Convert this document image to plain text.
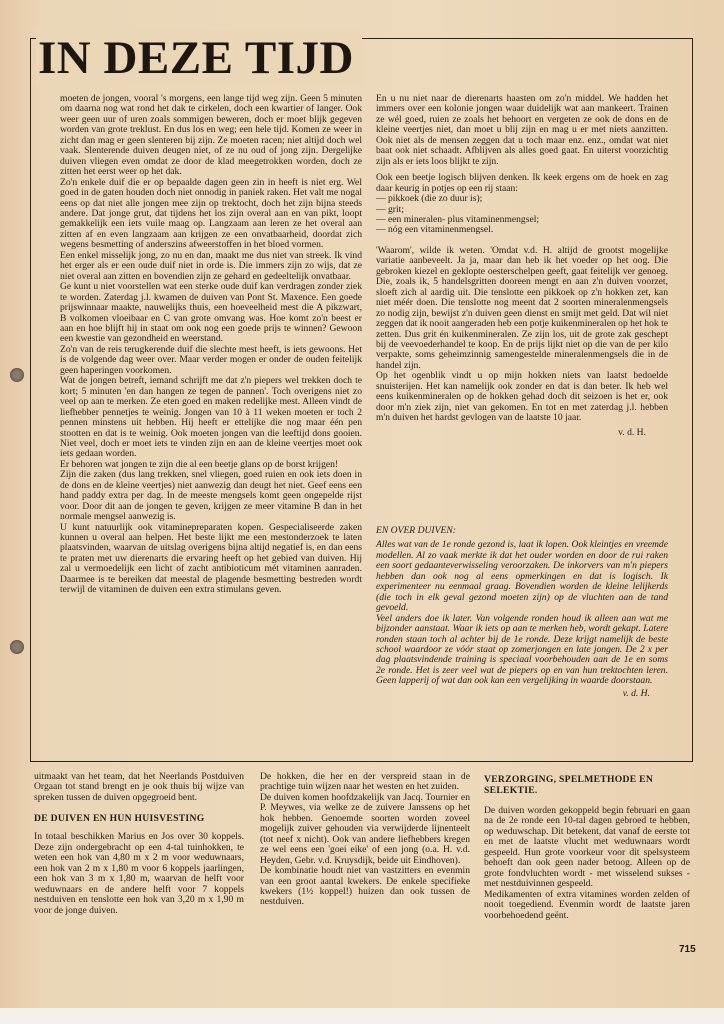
IN DEZE TIJD

moeten de jongen, vooral 's morgens, een lange tijd weg zijn. Geen 5 minuten om daarna nog wat rond het dak te cirkelen, doch een kwartier of langer. Ook weer geen uur of uren zoals sommigen beweren, doch er moet blijk gegeven worden van grote treklust. En dus los en weg; een hele tijd. Komen ze weer in zicht dan mag er geen slenteren bij zijn. Ze moeten racen; niet altijd doch wel vaak. Slenterende duiven deugen niet, of ze nu oud of jong zijn. Dergelijke duiven vliegen even omdat ze door de klad meegetrokken worden, doch ze zitten het eerst weer op het dak.

Zo'n enkele duif die er op bepaalde dagen geen zin in heeft is niet erg. Wel goed in de gaten houden doch niet onnodig in paniek raken. Het valt me nogal eens op dat niet alle jongen mee zijn op trektocht, doch het zijn bijna steeds andere. Dat jonge grut, dat tijdens het los zijn overal aan en van pikt, loopt gemakkelijk een iets vuile maag op. Langzaam aan leren ze het overal aan zitten af en even langzaam aan krijgen ze een onvatbaarheid, doordat zich wegens besmetting of anderszins afweerstoffen in het bloed vormen.

Een enkel misselijk jong, zo nu en dan, maakt me dus niet van streek. Ik vind het erger als er een oude duif niet in orde is. Die immers zijn zo wijs, dat ze niet overal aan zitten en bovendien zijn ze gehard en gedeeltelijk onvatbaar.

Ge kunt u niet voorstellen wat een sterke oude duif kan verdragen zonder ziek te worden. Zaterdag j.l. kwamen de duiven van Pont St. Maxence. Een goede prijswinnaar maakte, nauwelijks thuis, een hoeveelheid mest die A pikzwart, B volkomen vloeibaar en C van grote omvang was. Hoe komt zo'n beest er aan en hoe blijft hij in staat om ook nog een goede prijs te winnen? Gewoon een kwestie van gezondheid en weerstand.

Zo'n van de reis terugkerende duif die slechte mest heeft, is iets gewoons. Het is de volgende dag weer over. Maar verder mogen er onder de ouden feitelijk geen haperingen voorkomen.

Wat de jongen betreft, iemand schrijft me dat z'n piepers wel trekken doch te kort; 5 minuten 'en dan hangen ze tegen de pannen'. Toch overigens niet zo veel op aan te merken. Ze eten goed en maken redelijke mest. Alleen vindt de liefhebber pennetjes te weinig. Jongen van 10 à 11 weken moeten er toch 2 pennen minstens uit hebben. Hij heeft er ettelijke die nog maar één pen stootten en dat is te weinig. Ook moeten jongen van die leeftijd dons gooien. Niet veel, doch er moet iets te vinden zijn en aan de kleine veertjes moet ook iets gedaan worden.

Er behoren wat jongen te zijn die al een beetje glans op de borst krijgen!

Zijn die zaken (dus lang trekken, snel vliegen, goed ruien en ook iets doen in de dons en de kleine veertjes) niet aanwezig dan deugt het niet. Geef eens een hand paddy extra per dag. In de meeste mengsels komt geen ongepelde rijst voor. Door dit aan de jongen te geven, krijgen ze meer vitamine B dan in het normale mengsel aanwezig is.

U kunt natuurlijk ook vitaminepreparaten kopen. Gespecialiseerde zaken kunnen u overal aan helpen. Het beste lijkt me een mestonderzoek te laten plaatsvinden, waarvan de uitslag overigens bijna altijd negatief is, en dan eens te praten met uw dierenarts die ervaring heeft op het gebied van duiven. Hij zal u vermoedelijk een licht of zacht antibioticum mét vitaminen aanraden. Daarmee is te bereiken dat meestal de plagende besmetting bestreden wordt terwijl de vitaminen de duiven een extra stimulans geven.

En u nu niet naar de dierenarts haasten om zo'n middel. We hadden het immers over een kolonie jongen waar duidelijk wat aan mankeert. Trainen ze wél goed, ruien ze zoals het behoort en vergeten ze ook de dons en de kleine veertjes niet, dan moet u blij zijn en mag u er met niets aanzitten. Ook niet als de mensen zeggen dat u toch maar enz. enz., omdat wat niet baat ook niet schaadt. Afblijven als alles goed gaat. En uiterst voorzichtig zijn als er iets loos blijkt te zijn.

Ook een beetje logisch blijven denken. Ik keek ergens om de hoek en zag daar keurig in potjes op een rij staan:

— pikkoek (die zo duur is);
— grit;
— een mineralen- plus vitaminenmengsel;
— nóg een vitaminenmengsel.

'Waarom', wilde ik weten. 'Omdat v.d. H. altijd de grootst mogelijke variatie aanbeveelt. Ja ja, maar dan heb ik het voeder op het oog. Die gebroken kiezel en geklopte oesterschelpen geeft, gaat feitelijk ver genoeg. Die, zoals ik, 5 handelsgritten dooreen mengt en aan z'n duiven voorzet, sloeft zich al aardig uit. Die tenslotte een pikkoek op z'n hokken zet, kan niet méér doen. Die tenslotte nog meent dat 2 soorten mineralenmengsels zo nodig zijn, bewijst z'n duiven geen dienst en smijt met geld. Dat wil niet zeggen dat ik nooit aangeraden heb een potje kuikenmineralen op het hok te zetten. Dus grit én kuikenmineralen. Ze zijn los, uit de grote zak geschept bij de veevoederhandel te koop. En de prijs lijkt niet op die van de per kilo verpakte, soms geheimzinnig samengestelde mineralenmengsels die in de handel zijn.

Op het ogenblik vindt u op mijn hokken niets van laatst bedoelde snuisterijen. Het kan namelijk ook zonder en dat is dan beter. Ik heb wel eens kuikenmineralen op de hokken gehad doch dit seizoen is het er, ook door m'n ziek zijn, niet van gekomen. En tot en met zaterdag j.l. hebben m'n duiven het hardst gevlogen van de laatste 10 jaar.

v. d. H.

EN OVER DUIVEN:

Alles wat van de 1e ronde gezond is, laat ik lopen. Ook kleintjes en vreemde modellen. Al zo vaak merkte ik dat het ouder worden en door de rui raken een soort gedaanteverwisseling veroorzaken. De inkorvers van m'n piepers hebben dan ook nog al eens opmerkingen en dat is logisch. Ik experimenteer nu eenmaal graag. Bovendien worden de kleine lelijkerds (die toch in elk geval gezond moeten zijn) op de vluchten aan de tand gevoeld.

Veel anders doe ik later. Van volgende ronden houd ik alleen aan wat me bijzonder aanstaat. Waar ik iets op aan te merken heb, wordt gekapt. Latere ronden staan toch al achter bij de 1e ronde. Deze krijgt namelijk de beste school waardoor ze vóór staat op zomerjongen en late jongen. De 2 x per dag plaatsvindende training is speciaal voorbehouden aan de 1e en soms 2e ronde. Het is zeer veel wat de piepers op en van hun trektochten leren. Geen lapperij of wat dan ook kan een vergelijking in waarde doorstaan.

v. d. H.

uitmaakt van het team, dat het Neerlands Postduiven Orgaan tot stand brengt en je ook thuis bij wijze van spreken tussen de duiven opgegroeid bent.

DE DUIVEN EN HUN HUISVESTING

In totaal beschikken Marius en Jos over 30 koppels. Deze zijn ondergebracht op een 4-tal tuinhokken, te weten een hok van 4,80 m x 2 m voor weduwnaars, een hok van 2 m x 1,80 m voor 6 koppels jaarlingen, een hok van 3 m x 1,80 m, waarvan de helft voor weduwnaars en de andere helft voor 7 koppels nestduiven en tenslotte een hok van 3,20 m x 1,90 m voor de jonge duiven.

De hokken, die her en der verspreid staan in de prachtige tuin wijzen naar het westen en het zuiden.

De duiven komen hoofdzakelijk van Jacq. Tournier en P. Meywes, via welke ze de zuivere Janssens op het hok hebben. Genoemde soorten worden zoveel mogelijk zuiver gehouden via verwijderde lijnenteelt (tot neef x nicht). Ook van andere liefhebbers kregen ze wel eens een 'goei eike' of een jong (o.a. H. v.d. Heyden, Gebr. v.d. Kruysdijk, beide uit Eindhoven).

De kombinatie houdt niet van vastzitters en evenmin van een groot aantal kwekers. De enkele specifieke kwekers (1½ koppel!) huizen dan ook tussen de nestduiven.

VERZORGING, SPELMETHODE EN SELEKTIE.

De duiven worden gekoppeld begin februari en gaan na de 2e ronde een 10-tal dagen gebroed te hebben, op weduwschap. Dit betekent, dat vanaf de eerste tot en met de laatste vlucht met weduwnaars wordt gespeeld. Hun grote voorkeur voor dit spelsysteem behoeft dan ook geen nader betoog. Alleen op de grote fondvluchten wordt - met wisselend sukses - met nestduivinnen gespeeld.

Medikamenten of extra vitamines worden zelden of nooit toegediend. Evenmin wordt de laatste jaren voorbehoedend geënt.

715
